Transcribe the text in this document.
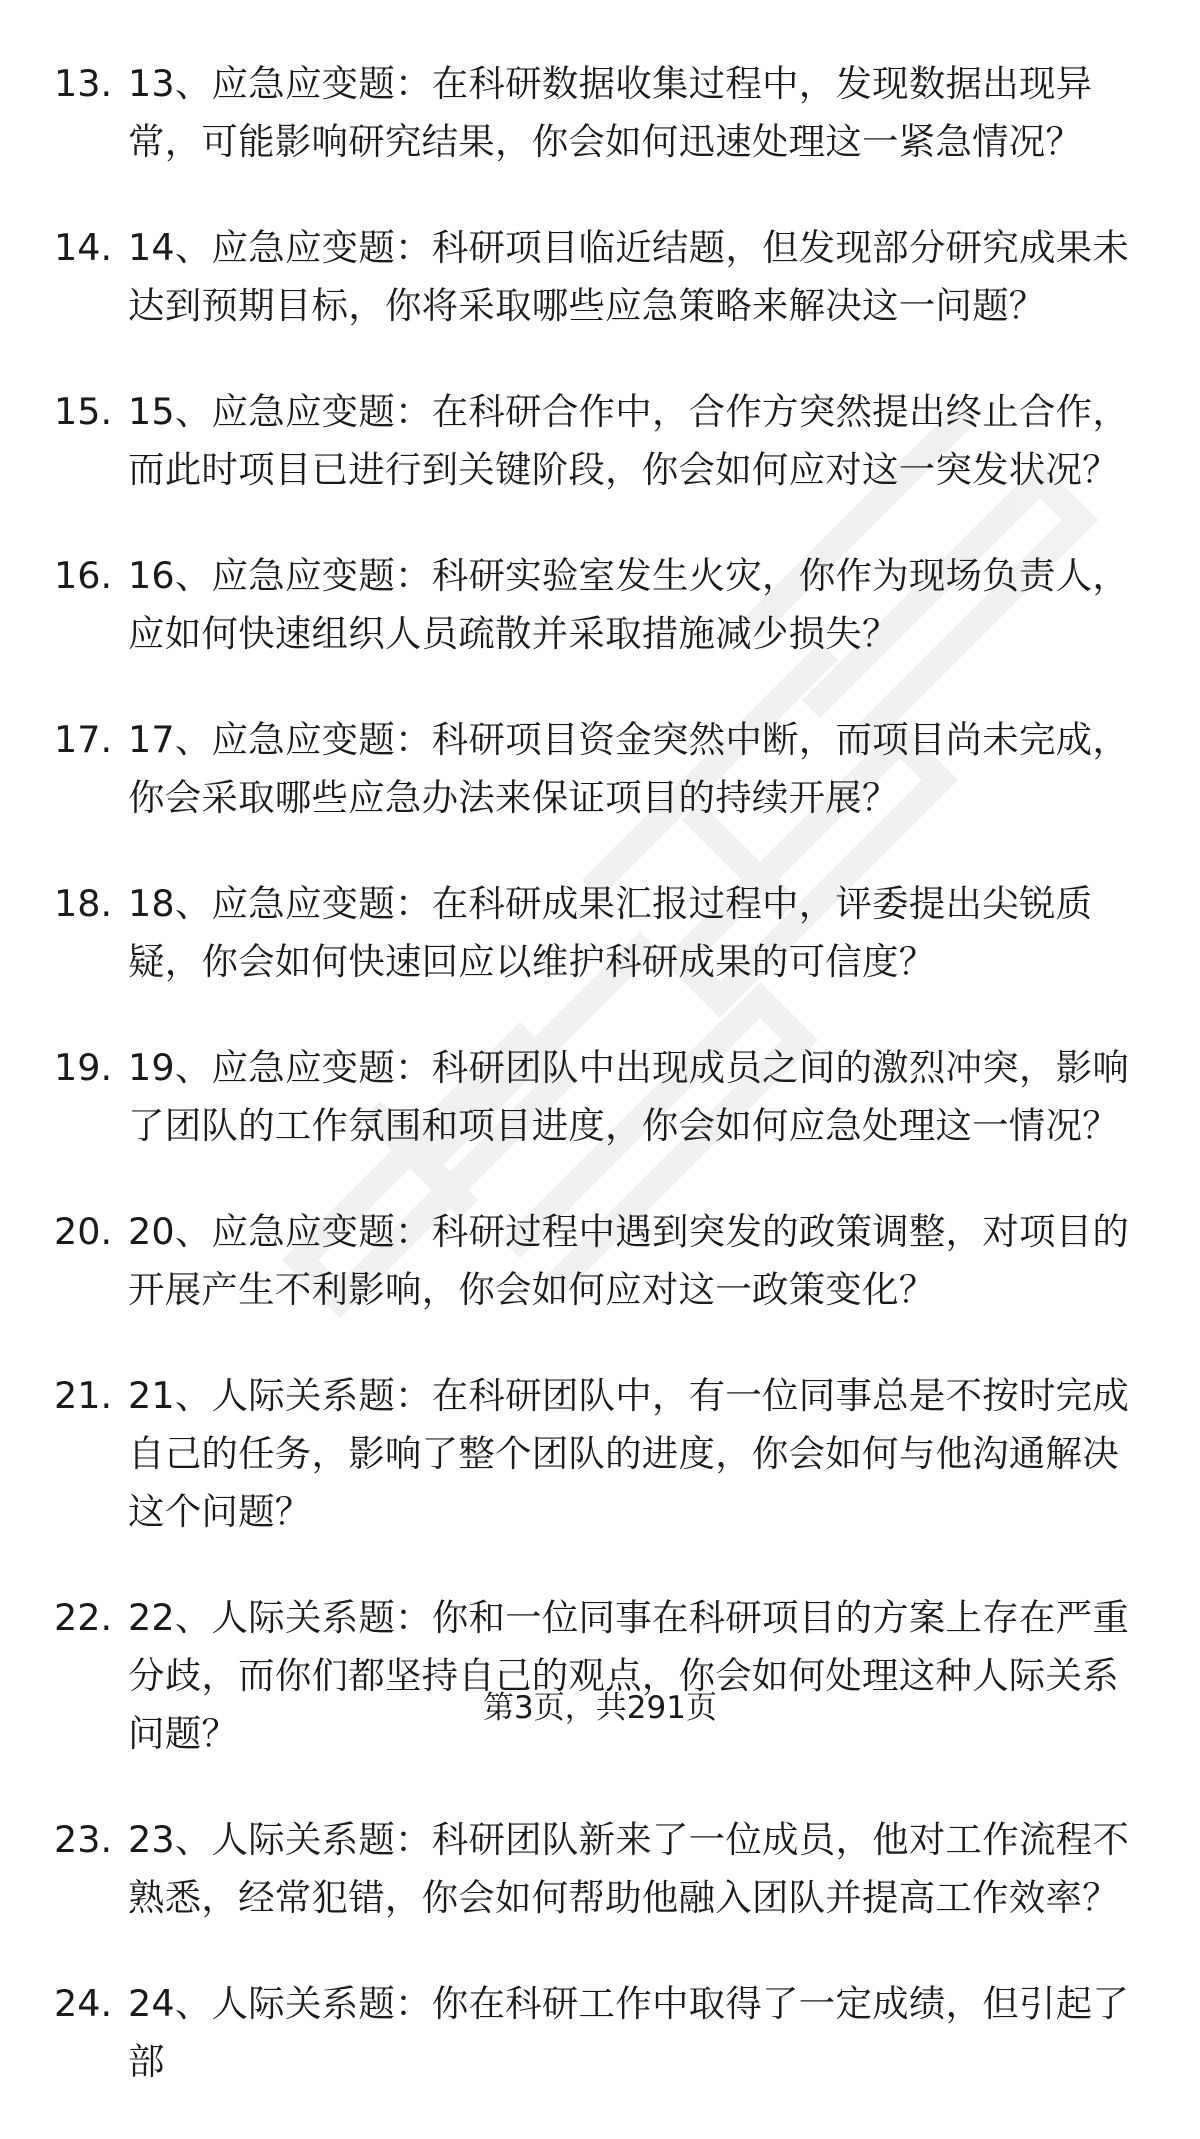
13. 13、应急应变题：在科研数据收集过程中，发现数据出现异常，可能影响研究结果，你会如何迅速处理这一紧急情况？
14. 14、应急应变题：科研项目临近结题，但发现部分研究成果未达到预期目标，你将采取哪些应急策略来解决这一问题？
15. 15、应急应变题：在科研合作中，合作方突然提出终止合作，而此时项目已进行到关键阶段，你会如何应对这一突发状况？
16. 16、应急应变题：科研实验室发生火灾，你作为现场负责人，应如何快速组织人员疏散并采取措施减少损失？
17. 17、应急应变题：科研项目资金突然中断，而项目尚未完成，你会采取哪些应急办法来保证项目的持续开展？
18. 18、应急应变题：在科研成果汇报过程中，评委提出尖锐质疑，你会如何快速回应以维护科研成果的可信度？
19. 19、应急应变题：科研团队中出现成员之间的激烈冲突，影响了团队的工作氛围和项目进度，你会如何应急处理这一情况？
20. 20、应急应变题：科研过程中遇到突发的政策调整，对项目的开展产生不利影响，你会如何应对这一政策变化？
21. 21、人际关系题：在科研团队中，有一位同事总是不按时完成自己的任务，影响了整个团队的进度，你会如何与他沟通解决这个问题？
22. 22、人际关系题：你和一位同事在科研项目的方案上存在严重分歧，而你们都坚持自己的观点，你会如何处理这种人际关系问题？
23. 23、人际关系题：科研团队新来了一位成员，他对工作流程不熟悉，经常犯错，你会如何帮助他融入团队并提高工作效率？
24. 24、人际关系题：你在科研工作中取得了一定成绩，但引起了部
第3页，共291页
